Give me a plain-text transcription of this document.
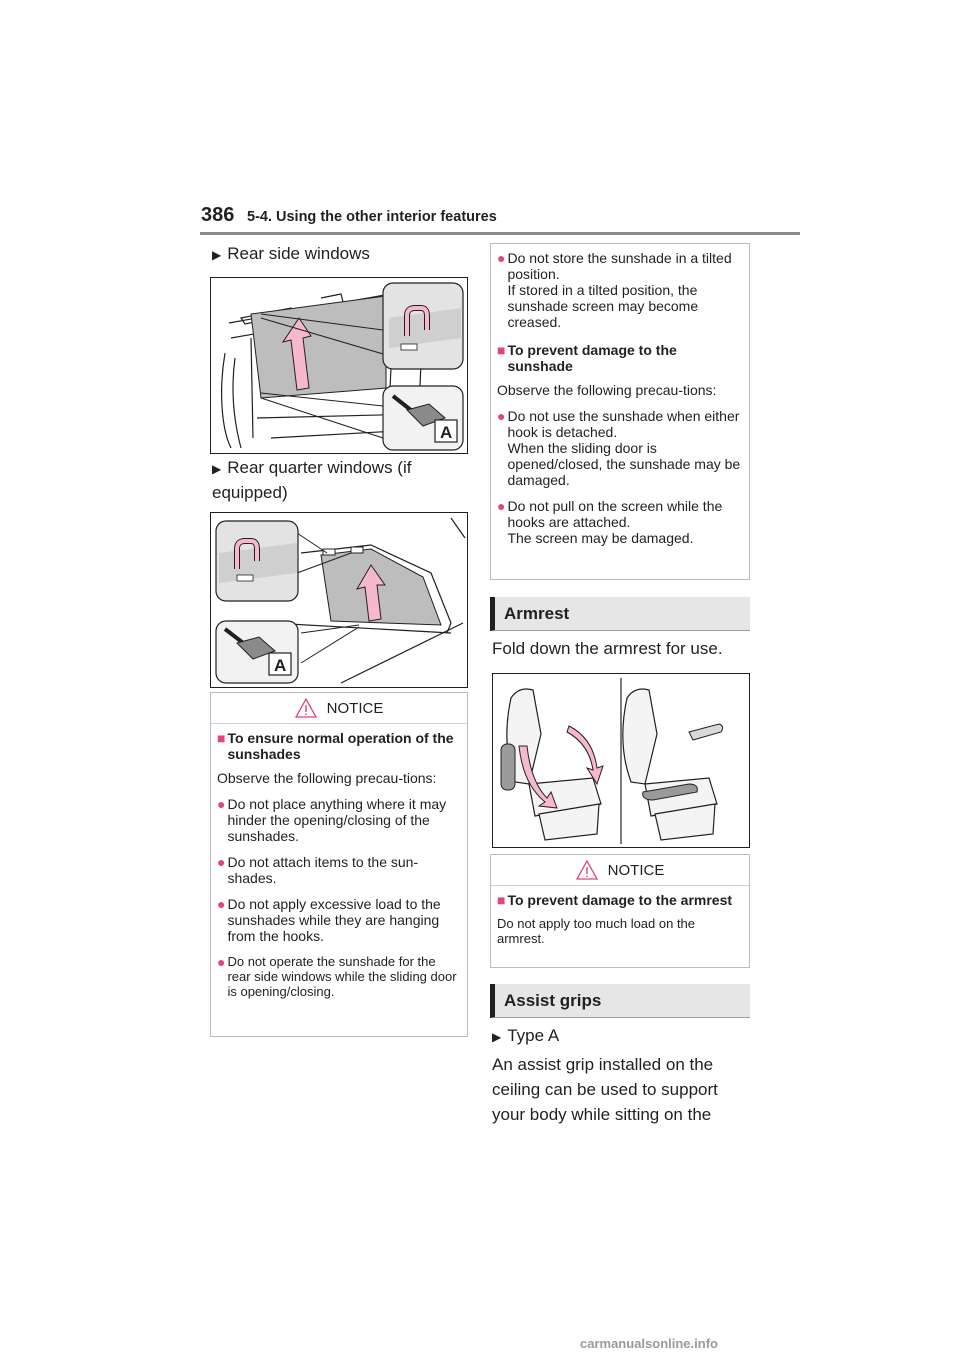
386 5-4. Using the other interior features
▶ Rear side windows
A
▶ Rear quarter windows (if equipped)
A
NOTICE
■ To ensure normal operation of the sunshades
Observe the following precau-tions:
● Do not place anything where it may hinder the opening/closing of the sunshades.
● Do not attach items to the sun-shades.
● Do not apply excessive load to the sunshades while they are hanging from the hooks.
● Do not operate the sunshade for the rear side windows while the sliding door is opening/closing.
● Do not store the sunshade in a tilted position.
If stored in a tilted position, the sunshade screen may become creased.
■ To prevent damage to the sunshade
Observe the following precau-tions:
● Do not use the sunshade when either hook is detached.
When the sliding door is opened/closed, the sunshade may be damaged.
● Do not pull on the screen while the hooks are attached.
The screen may be damaged.
Armrest
Fold down the armrest for use.
NOTICE
■ To prevent damage to the armrest
Do not apply too much load on the armrest.
Assist grips
▶ Type A
An assist grip installed on the ceiling can be used to support your body while sitting on the
carmanualsonline.info
